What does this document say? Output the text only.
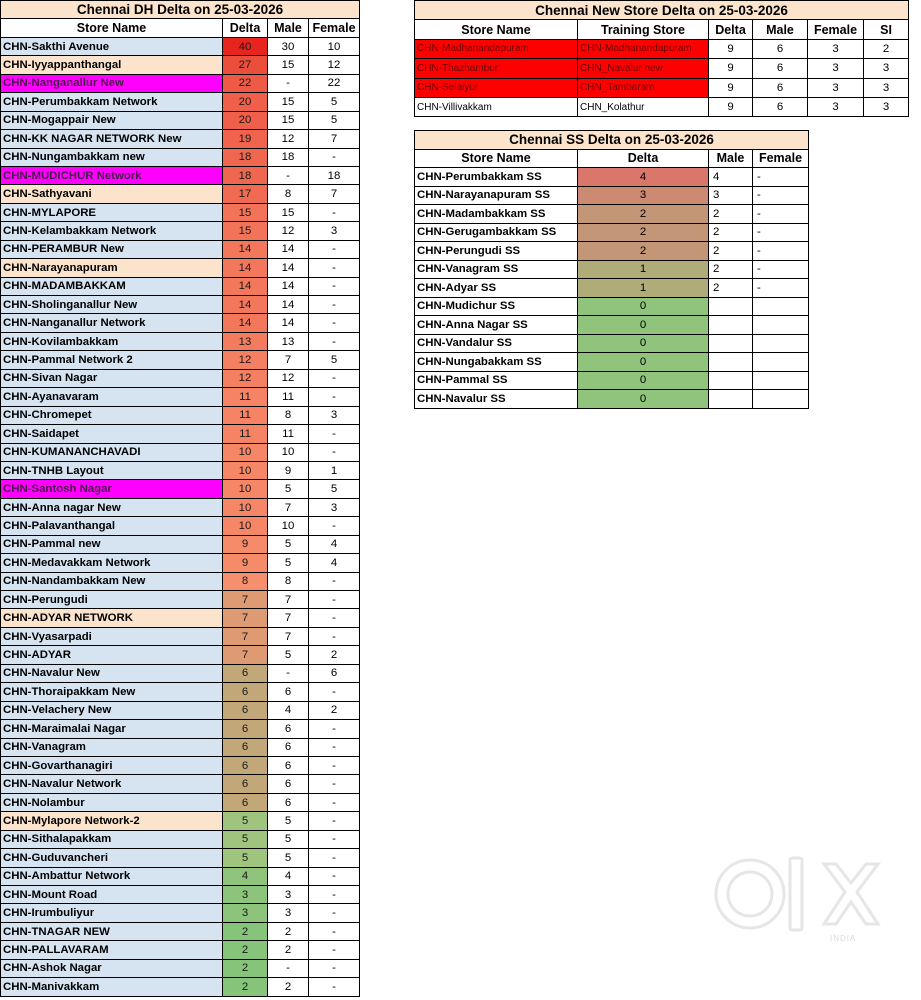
Chennai DH Delta on 25-03-2026			
Store Name	Delta	Male	Female
CHN-Sakthi Avenue	40	30	10
CHN-Iyyappanthangal	27	15	12
CHN-Nanganallur New	22	-	22
CHN-Perumbakkam Network	20	15	5
CHN-Mogappair New	20	15	5
CHN-KK NAGAR NETWORK New	19	12	7
CHN-Nungambakkam new	18	18	-
CHN-MUDICHUR Network	18	-	18
CHN-Sathyavani	17	8	7
CHN-MYLAPORE	15	15	-
CHN-Kelambakkam Network	15	12	3
CHN-PERAMBUR New	14	14	-
CHN-Narayanapuram	14	14	-
CHN-MADAMBAKKAM	14	14	-
CHN-Sholinganallur New	14	14	-
CHN-Nanganallur Network	14	14	-
CHN-Kovilambakkam	13	13	-
CHN-Pammal Network 2	12	7	5
CHN-Sivan Nagar	12	12	-
CHN-Ayanavaram	11	11	-
CHN-Chromepet	11	8	3
CHN-Saidapet	11	11	-
CHN-KUMANANCHAVADI	10	10	-
CHN-TNHB Layout	10	9	1
CHN-Santosh Nagar	10	5	5
CHN-Anna nagar New	10	7	3
CHN-Palavanthangal	10	10	-
CHN-Pammal new	9	5	4
CHN-Medavakkam Network	9	5	4
CHN-Nandambakkam New	8	8	-
CHN-Perungudi	7	7	-
CHN-ADYAR NETWORK	7	7	-
CHN-Vyasarpadi	7	7	-
CHN-ADYAR	7	5	2
CHN-Navalur New	6	-	6
CHN-Thoraipakkam New	6	6	-
CHN-Velachery New	6	4	2
CHN-Maraimalai Nagar	6	6	-
CHN-Vanagram	6	6	-
CHN-Govarthanagiri	6	6	-
CHN-Navalur Network	6	6	-
CHN-Nolambur	6	6	-
CHN-Mylapore Network-2	5	5	-
CHN-Sithalapakkam	5	5	-
CHN-Guduvancheri	5	5	-
CHN-Ambattur Network	4	4	-
CHN-Mount Road	3	3	-
CHN-Irumbuliyur	3	3	-
CHN-TNAGAR NEW	2	2	-
CHN-PALLAVARAM	2	2	-
CHN-Ashok Nagar	2	-	-
CHN-Manivakkam	2	2	-
Chennai New Store Delta on 25-03-2026					
Store Name	Training Store	Delta	Male	Female	SI
CHN-Madhanandapuram	CHN-Madhanandapuram	9	6	3	2
CHN-Thazhambur	CHN_Navalur new	9	6	3	3
CHN-Selaiyur	CHN_Tambaram	9	6	3	3
CHN-Villivakkam	CHN_Kolathur	9	6	3	3
Chennai SS Delta on 25-03-2026			
Store Name	Delta	Male	Female
CHN-Perumbakkam SS	4	4	-
CHN-Narayanapuram SS	3	3	-
CHN-Madambakkam SS	2	2	-
CHN-Gerugambakkam SS	2	2	-
CHN-Perungudi SS	2	2	-
CHN-Vanagram SS	1	2	-
CHN-Adyar SS	1	2	-
CHN-Mudichur SS	0		
CHN-Anna Nagar SS	0		
CHN-Vandalur SS	0		
CHN-Nungabakkam SS	0		
CHN-Pammal SS	0		
CHN-Navalur SS	0		
INDIA
